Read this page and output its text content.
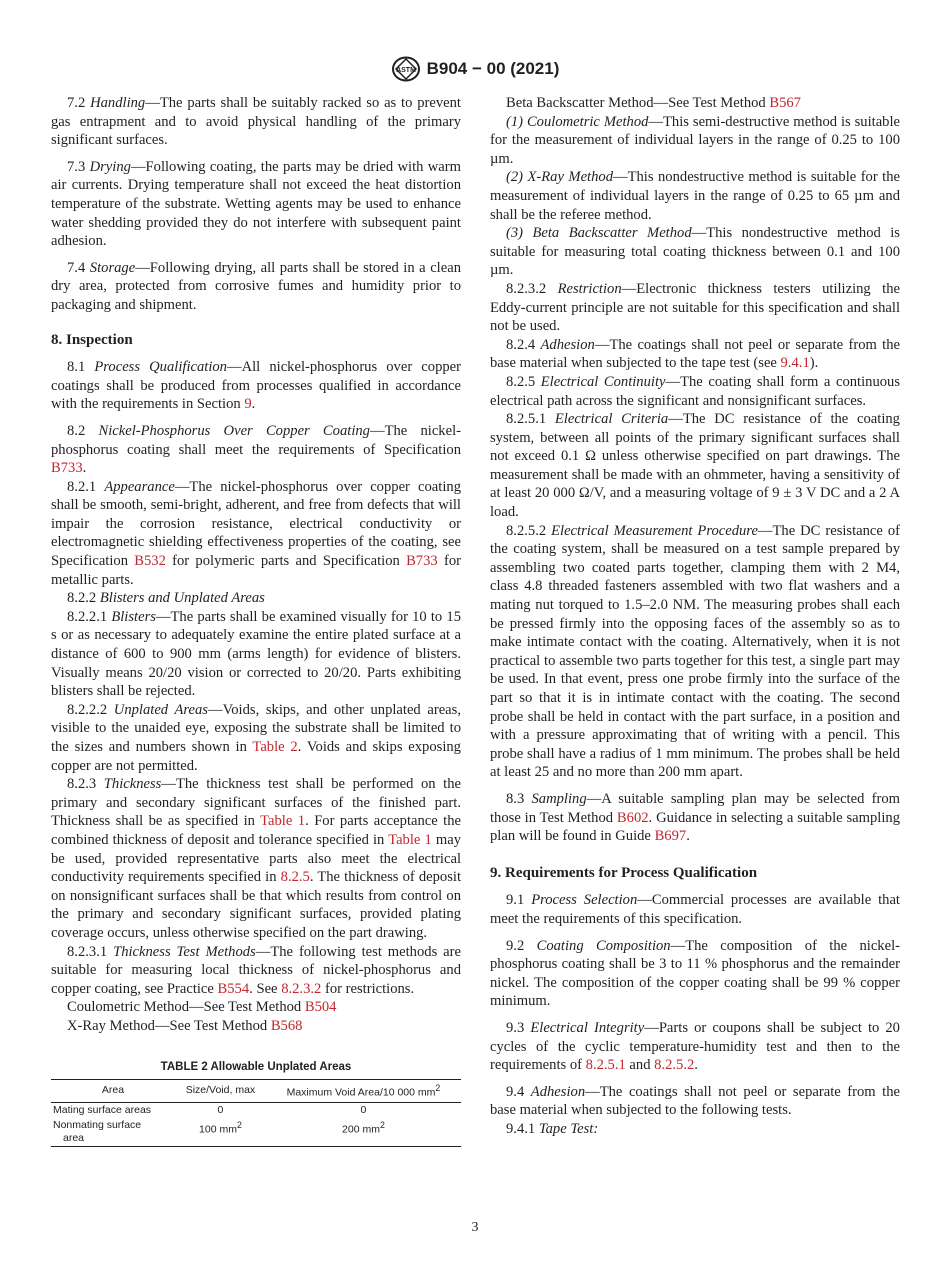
ASTM B904 − 00 (2021)

7.2 Handling—The parts shall be suitably racked so as to prevent gas entrapment and to avoid physical handling of the primary significant surfaces.

7.3 Drying—Following coating, the parts may be dried with warm air currents. Drying temperature shall not exceed the heat distortion temperature of the substrate. Wetting agents may be used to enhance water shedding provided they do not interfere with subsequent paint adhesion.

7.4 Storage—Following drying, all parts shall be stored in a clean dry area, protected from corrosive fumes and humidity prior to packaging and shipment.

8. Inspection

8.1 Process Qualification—All nickel-phosphorus over copper coatings shall be produced from processes qualified in accordance with the requirements in Section 9.

8.2 Nickel-Phosphorus Over Copper Coating—The nickel-phosphorus coating shall meet the requirements of Specification B733.

8.2.1 Appearance—The nickel-phosphorus over copper coating shall be smooth, semi-bright, adherent, and free from defects that will impair the corrosion resistance, electrical conductivity or electromagnetic shielding effectiveness properties of the coating, see Specification B532 for polymeric parts and Specification B733 for metallic parts.

8.2.2 Blisters and Unplated Areas

8.2.2.1 Blisters—The parts shall be examined visually for 10 to 15 s or as necessary to adequately examine the entire plated surface at a distance of 600 to 900 mm (arms length) for evidence of blisters. Visually means 20/20 vision or corrected to 20/20. Parts exhibiting blisters shall be rejected.

8.2.2.2 Unplated Areas—Voids, skips, and other unplated areas, visible to the unaided eye, exposing the substrate shall be limited to the sizes and numbers shown in Table 2. Voids and skips exposing copper are not permitted.

8.2.3 Thickness—The thickness test shall be performed on the primary and secondary significant surfaces of the finished part. Thickness shall be as specified in Table 1. For parts acceptance the combined thickness of deposit and tolerance specified in Table 1 may be used, provided representative parts also meet the electrical conductivity requirements specified in 8.2.5. The thickness of deposit on nonsignificant surfaces shall be that which results from control on the primary and secondary significant surfaces, provided plating coverage occurs, unless otherwise specified on the part drawing.

8.2.3.1 Thickness Test Methods—The following test methods are suitable for measuring local thickness of nickel-phosphorus and copper coating, see Practice B554. See 8.2.3.2 for restrictions.

Coulometric Method—See Test Method B504

X-Ray Method—See Test Method B568

TABLE 2 Allowable Unplated Areas
Area	Size/Void, max	Maximum Void Area/10 000 $mm^2$
Mating surface areas	0	0
Nonmating surface
area	100 $mm^2$	200 $mm^2$

Beta Backscatter Method—See Test Method B567

(1) Coulometric Method—This semi-destructive method is suitable for the measurement of individual layers in the range of 0.25 to 100 µm.

(2) X-Ray Method—This nondestructive method is suitable for the measurement of individual layers in the range of 0.25 to 65 µm and shall be the referee method.

(3) Beta Backscatter Method—This nondestructive method is suitable for measuring total coating thickness between 0.1 and 100 µm.

8.2.3.2 Restriction—Electronic thickness testers utilizing the Eddy-current principle are not suitable for this specification and shall not be used.

8.2.4 Adhesion—The coatings shall not peel or separate from the base material when subjected to the tape test (see 9.4.1).

8.2.5 Electrical Continuity—The coating shall form a continuous electrical path across the significant and nonsignificant surfaces.

8.2.5.1 Electrical Criteria—The DC resistance of the coating system, between all points of the primary significant surfaces shall not exceed 0.1 Ω unless otherwise specified on part drawings. The measurement shall be made with an ohmmeter, having a sensitivity of at least 20 000 Ω/V, and a measuring voltage of 9 ± 3 V DC and a 2 A load.

8.2.5.2 Electrical Measurement Procedure—The DC resistance of the coating system, shall be measured on a test sample prepared by assembling two coated parts together, clamping them with 2 M4, class 4.8 threaded fasteners assembled with two flat washers and a mating nut torqued to 1.5–2.0 NM. The measuring probes shall each be pressed firmly into the opposing faces of the assembly so as to make intimate contact with the coating. Alternatively, when it is not practical to assemble two parts together for this test, a single part may be used. In that event, press one probe firmly into the surface of the part so that it is in intimate contact with the coating. The second probe shall be held in contact with the part surface, in a position and with a pressure approximating that of writing with a pencil. This probe shall have a radius of 1 mm minimum. The probes shall be held at least 25 and no more than 200 mm apart.

8.3 Sampling—A suitable sampling plan may be selected from those in Test Method B602. Guidance in selecting a suitable sampling plan will be found in Guide B697.

9. Requirements for Process Qualification

9.1 Process Selection—Commercial processes are available that meet the requirements of this specification.

9.2 Coating Composition—The composition of the nickel-phosphorus coating shall be 3 to 11 % phosphorus and the remainder nickel. The composition of the copper coating shall be 99 % copper minimum.

9.3 Electrical Integrity—Parts or coupons shall be subject to 20 cycles of the cyclic temperature-humidity test and then to the requirements of 8.2.5.1 and 8.2.5.2.

9.4 Adhesion—The coatings shall not peel or separate from the base material when subjected to the following tests.

9.4.1 Tape Test:

3
